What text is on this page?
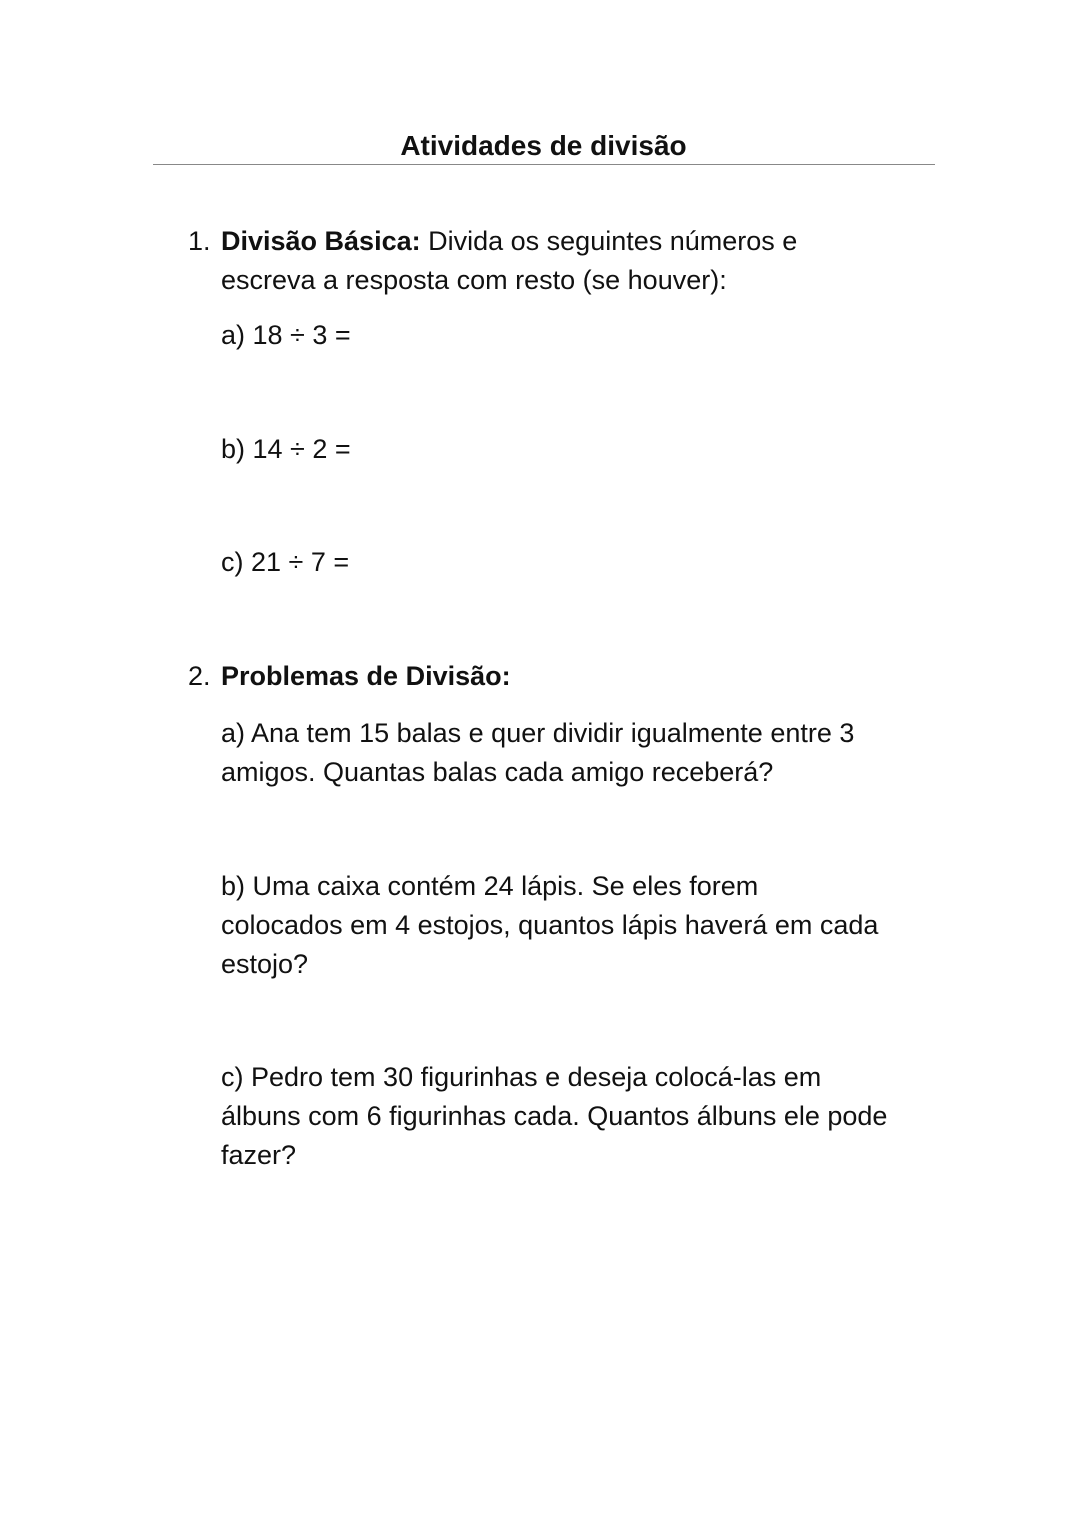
Atividades de divisão
1. Divisão Básica: Divida os seguintes números e escreva a resposta com resto (se houver):
a) 18 ÷ 3 =
b) 14 ÷ 2 =
c) 21 ÷ 7 =
2. Problemas de Divisão:
a) Ana tem 15 balas e quer dividir igualmente entre 3 amigos. Quantas balas cada amigo receberá?
b) Uma caixa contém 24 lápis. Se eles forem colocados em 4 estojos, quantos lápis haverá em cada estojo?
c) Pedro tem 30 figurinhas e deseja colocá-las em álbuns com 6 figurinhas cada. Quantos álbuns ele pode fazer?
